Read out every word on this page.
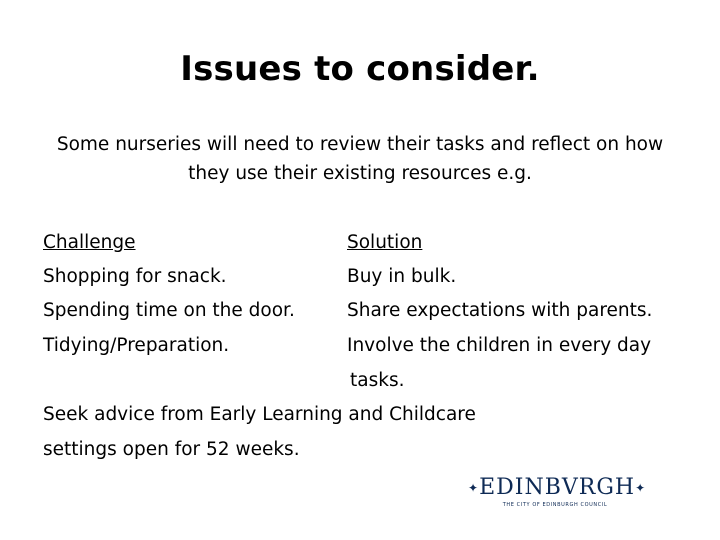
Issues to consider.
Some nurseries will need to review their tasks and reflect on how they use their existing resources e.g.
Challenge	Solution
Shopping for snack.	Buy in bulk.
Spending time on the door.	Share expectations with parents.
Tidying/Preparation.	Involve the children in every day
tasks.
Seek advice from Early Learning and Childcare
settings open for 52 weeks.
✦EDINBVRGH✦
THE CITY OF EDINBURGH COUNCIL
